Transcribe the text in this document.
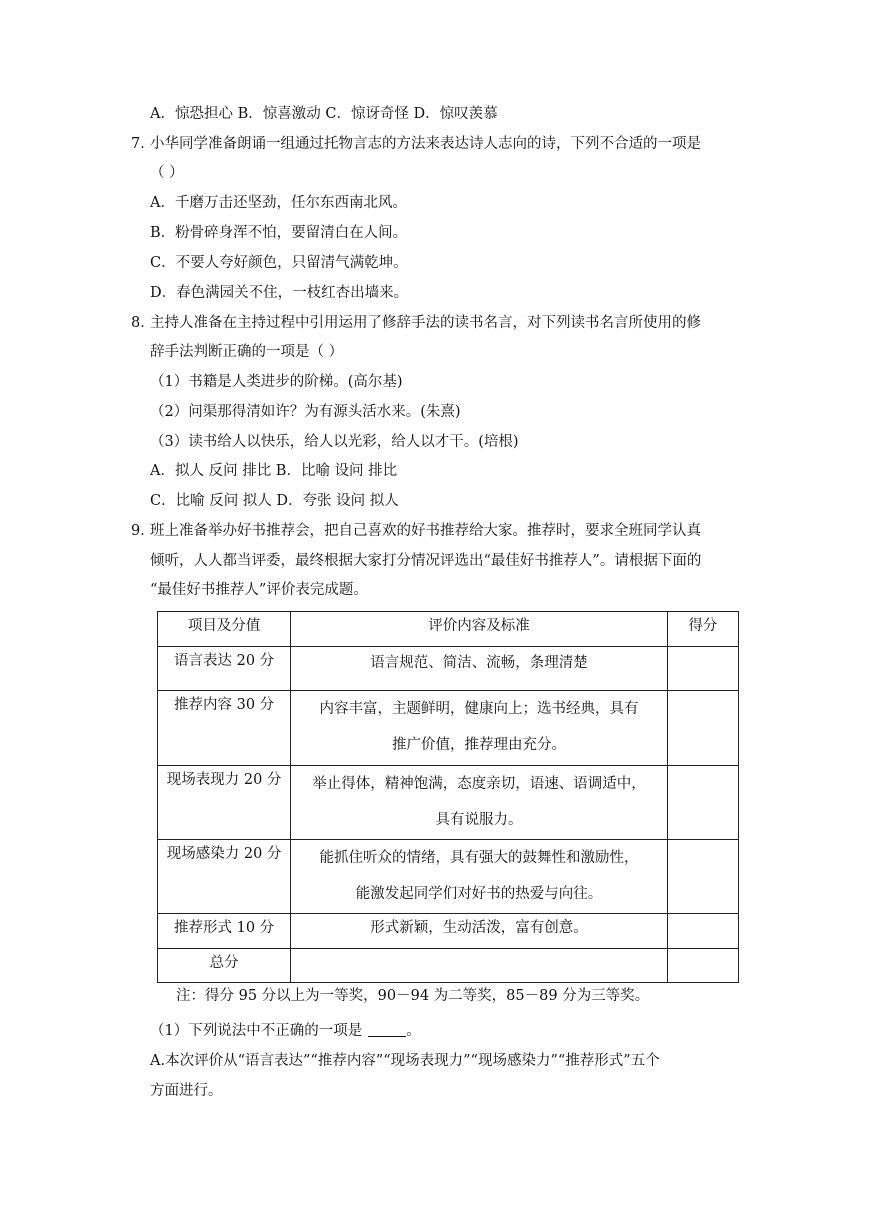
A．惊恐担心 B．惊喜激动 C．惊讶奇怪 D．惊叹羡慕
7．
小华同学准备朗诵一组通过托物言志的方法来表达诗人志向的诗，下列不合适的一项是
（ ）
A．千磨万击还坚劲，任尔东西南北风。
B．粉骨碎身浑不怕，要留清白在人间。
C．不要人夸好颜色，只留清气满乾坤。
D．春色满园关不住，一枝红杏出墙来。
8．
主持人准备在主持过程中引用运用了修辞手法的读书名言，对下列读书名言所使用的修
辞手法判断正确的一项是（ ）
（1）书籍是人类进步的阶梯。(高尔基)
（2）问渠那得清如许？为有源头活水来。(朱熹)
（3）读书给人以快乐，给人以光彩，给人以才干。(培根)
A．拟人 反问 排比 B．比喻 设问 排比
C．比喻 反问 拟人 D．夸张 设问 拟人
9．
班上准备举办好书推荐会，把自己喜欢的好书推荐给大家。推荐时，要求全班同学认真
倾听，人人都当评委，最终根据大家打分情况评选出“最佳好书推荐人”。请根据下面的
“最佳好书推荐人”评价表完成题。
项目及分值	评价内容及标准	得分

语言表达 20 分	语言规范、简洁、流畅，条理清楚	

推荐内容 30 分	内容丰富，主题鲜明，健康向上；选书经典，具有
推广价值，推荐理由充分。	

现场表现力 20 分	举止得体，精神饱满，态度亲切，语速、语调适中，
具有说服力。	

现场感染力 20 分	能抓住听众的情绪，具有强大的鼓舞性和激励性，
能激发起同学们对好书的热爱与向往。	

推荐形式 10 分	形式新颖，生动活泼，富有创意。	

总分		

注：得分 95 分以上为一等奖，90－94 为二等奖，85－89 分为三等奖。
（1）下列说法中不正确的一项是	。
A.本次评价从“语言表达”“推荐内容”“现场表现力”“现场感染力”“推荐形式”五个
方面进行。
